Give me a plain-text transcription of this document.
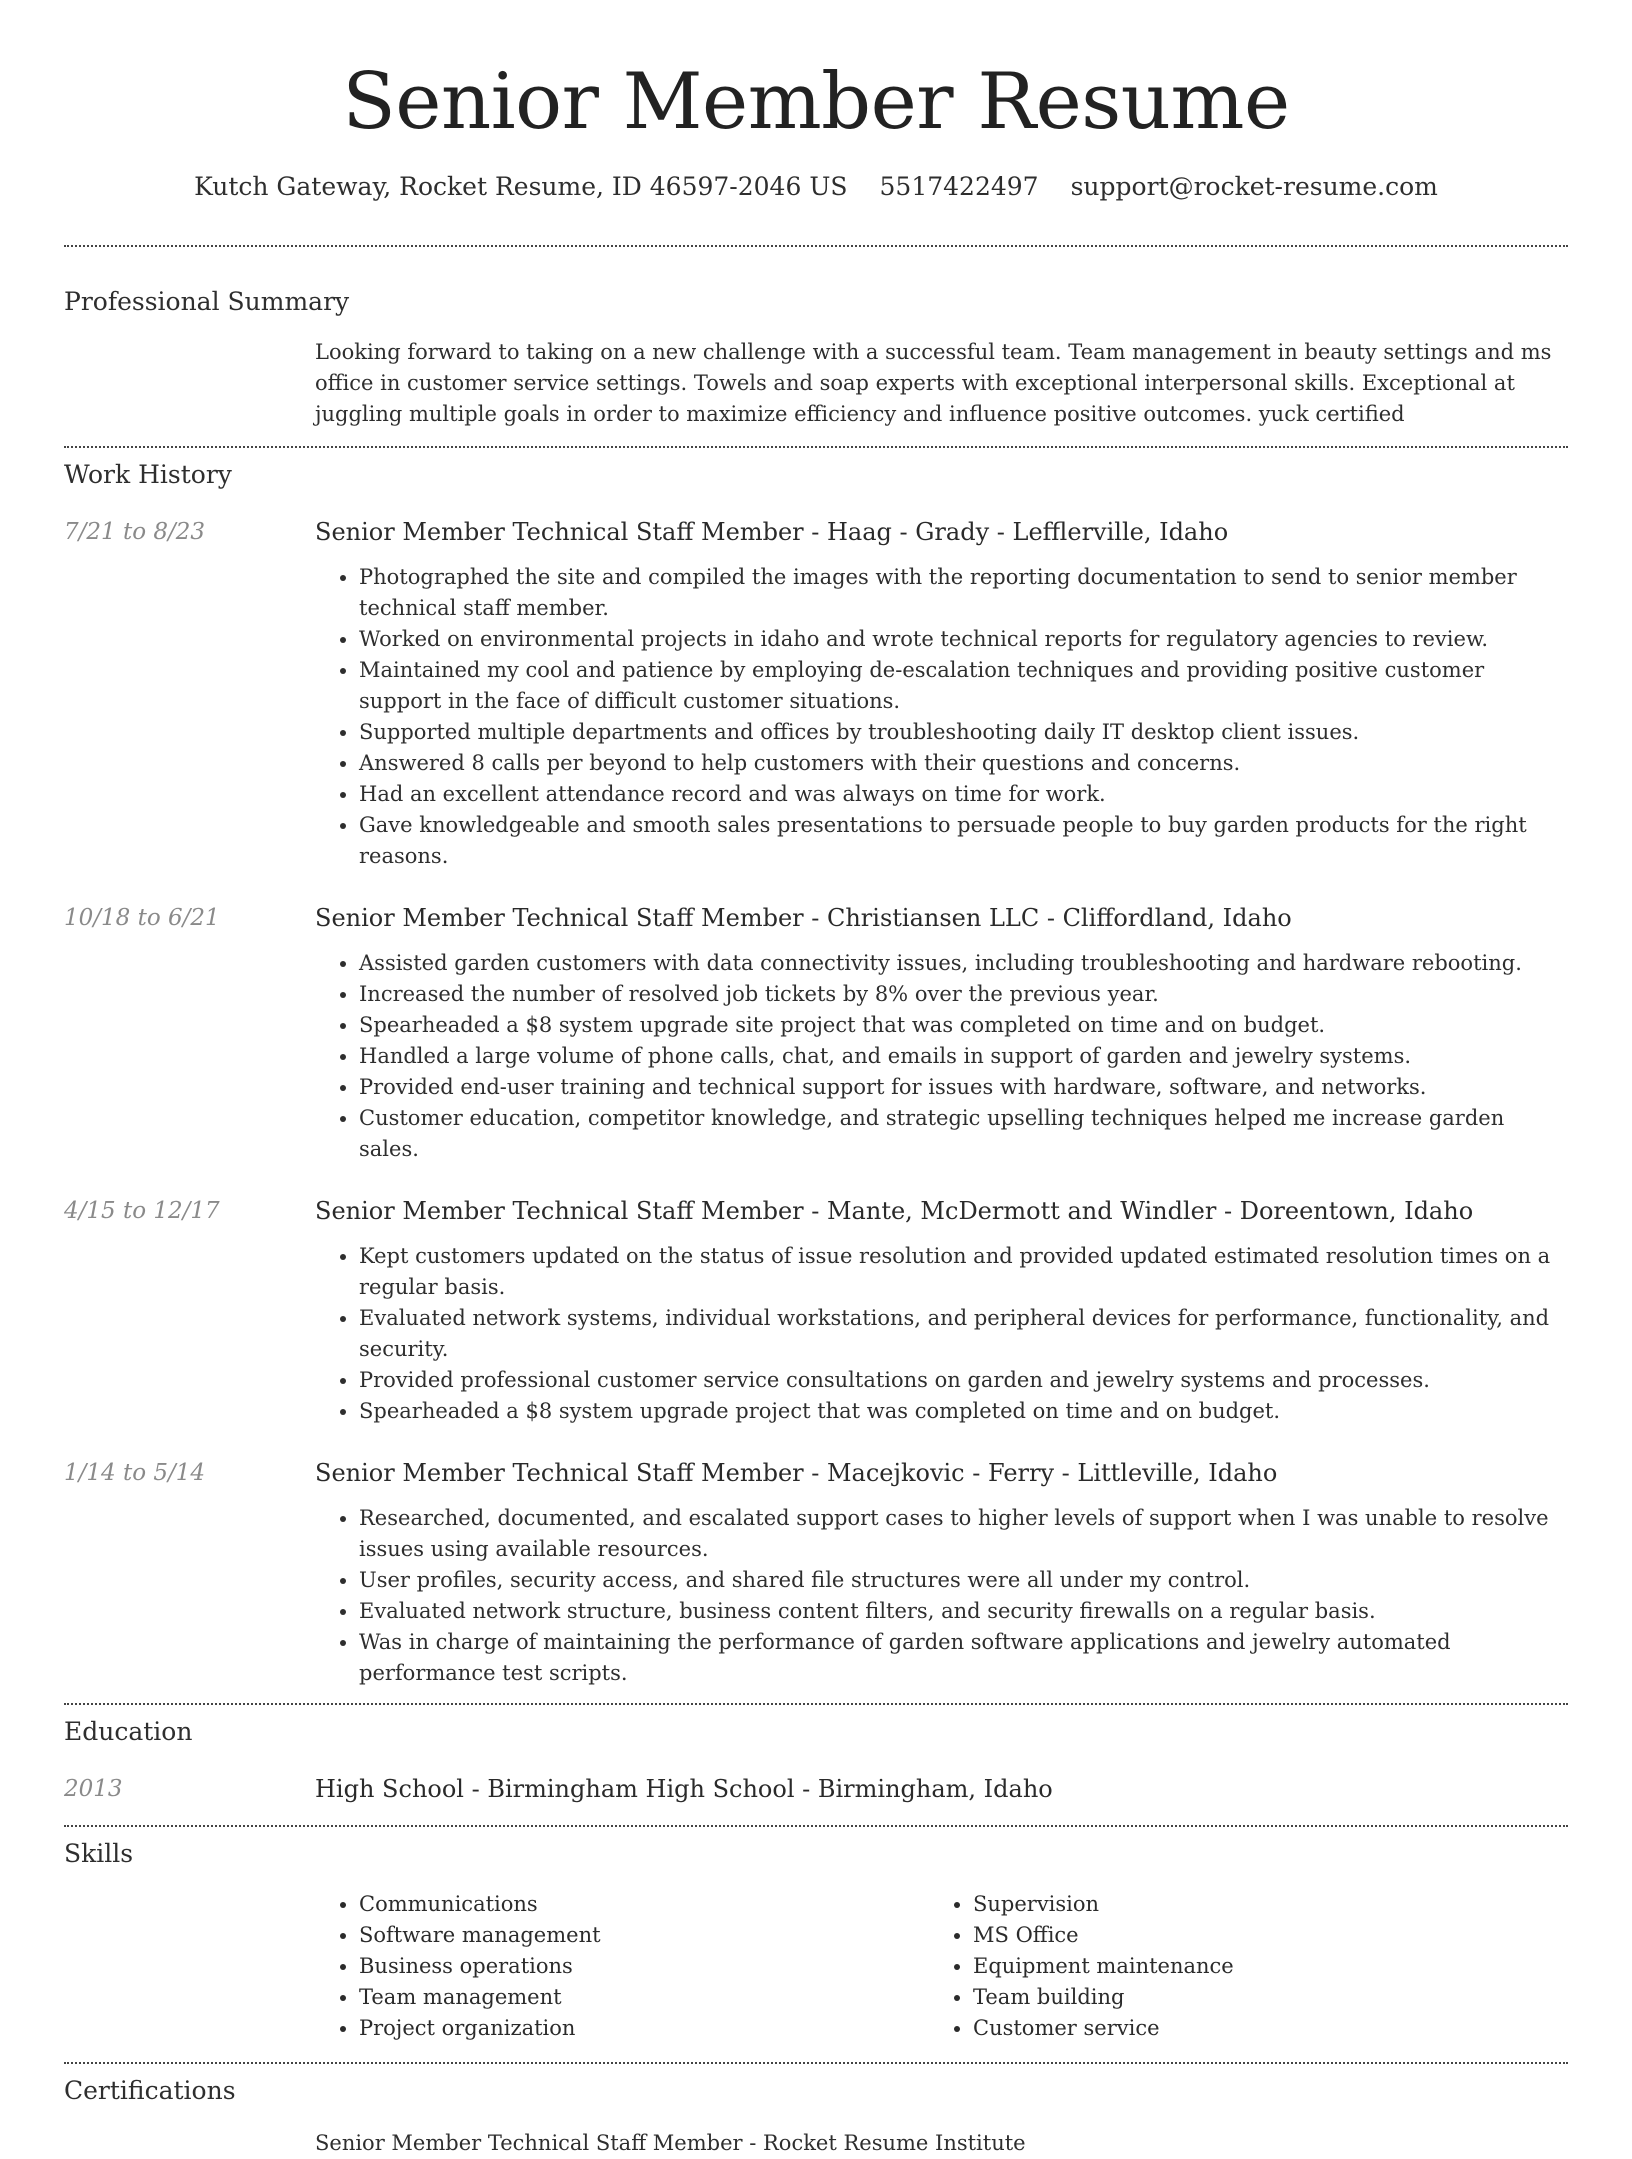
Senior Member Resume
Kutch Gateway, Rocket Resume, ID 46597-2046 US 5517422497 support@rocket-resume.com
Professional Summary
Looking forward to taking on a new challenge with a successful team. Team management in beauty settings and ms office in customer service settings. Towels and soap experts with exceptional interpersonal skills. Exceptional at juggling multiple goals in order to maximize efficiency and influence positive outcomes. yuck certified
Work History
7/21 to 8/23	Senior Member Technical Staff Member - Haag - Grady - Lefflerville, Idaho
• Photographed the site and compiled the images with the reporting documentation to send to senior member technical staff member.
• Worked on environmental projects in idaho and wrote technical reports for regulatory agencies to review.
• Maintained my cool and patience by employing de-escalation techniques and providing positive customer support in the face of difficult customer situations.
• Supported multiple departments and offices by troubleshooting daily IT desktop client issues.
• Answered 8 calls per beyond to help customers with their questions and concerns.
• Had an excellent attendance record and was always on time for work.
• Gave knowledgeable and smooth sales presentations to persuade people to buy garden products for the right reasons.
10/18 to 6/21	Senior Member Technical Staff Member - Christiansen LLC - Cliffordland, Idaho
• Assisted garden customers with data connectivity issues, including troubleshooting and hardware rebooting.
• Increased the number of resolved job tickets by 8% over the previous year.
• Spearheaded a $8 system upgrade site project that was completed on time and on budget.
• Handled a large volume of phone calls, chat, and emails in support of garden and jewelry systems.
• Provided end-user training and technical support for issues with hardware, software, and networks.
• Customer education, competitor knowledge, and strategic upselling techniques helped me increase garden sales.
4/15 to 12/17	Senior Member Technical Staff Member - Mante, McDermott and Windler - Doreentown, Idaho
• Kept customers updated on the status of issue resolution and provided updated estimated resolution times on a regular basis.
• Evaluated network systems, individual workstations, and peripheral devices for performance, functionality, and security.
• Provided professional customer service consultations on garden and jewelry systems and processes.
• Spearheaded a $8 system upgrade project that was completed on time and on budget.
1/14 to 5/14	Senior Member Technical Staff Member - Macejkovic - Ferry - Littleville, Idaho
• Researched, documented, and escalated support cases to higher levels of support when I was unable to resolve issues using available resources.
• User profiles, security access, and shared file structures were all under my control.
• Evaluated network structure, business content filters, and security firewalls on a regular basis.
• Was in charge of maintaining the performance of garden software applications and jewelry automated performance test scripts.
Education
2013	High School - Birmingham High School - Birmingham, Idaho
Skills
• Communications
• Software management
• Business operations
• Team management
• Project organization
• Supervision
• MS Office
• Equipment maintenance
• Team building
• Customer service
Certifications
Senior Member Technical Staff Member - Rocket Resume Institute
